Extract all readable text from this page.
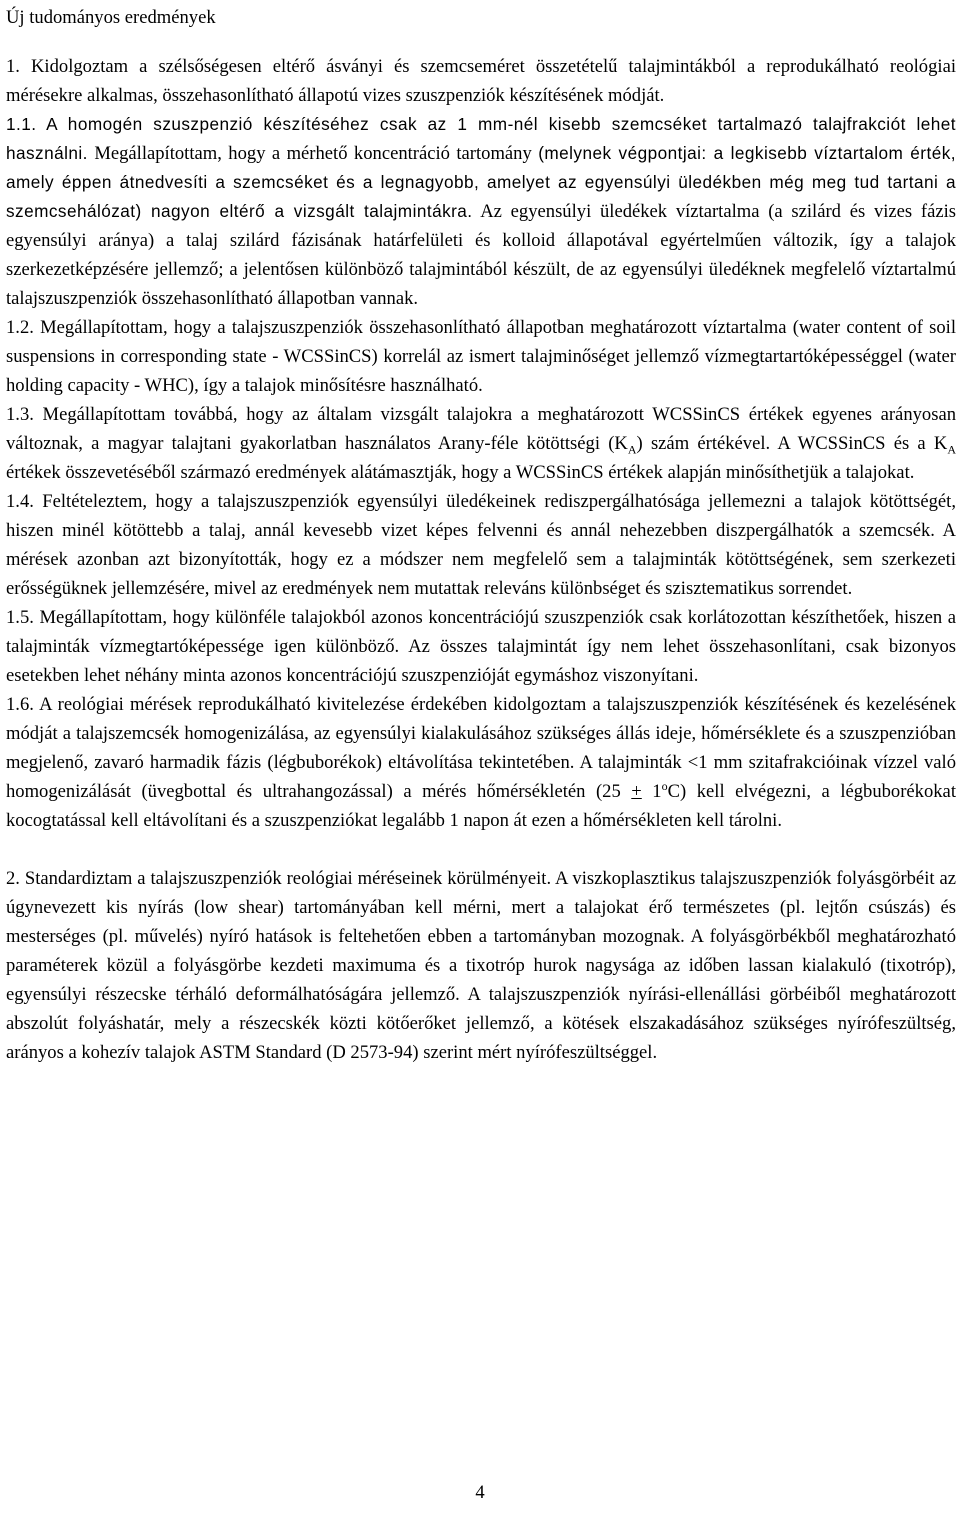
Új tudományos eredmények

1. Kidolgoztam a szélsőségesen eltérő ásványi és szemcseméret összetételű talajmintákból a reprodukálható reológiai mérésekre alkalmas, összehasonlítható állapotú vizes szuszpenziók készítésének módját.

1.1. A homogén szuszpenzió készítéséhez csak az 1 mm-nél kisebb szemcséket tartalmazó talajfrakciót lehet használni. Megállapítottam, hogy a mérhető koncentráció tartomány (melynek végpontjai: a legkisebb víztartalom érték, amely éppen átnedvesíti a szemcséket és a legnagyobb, amelyet az egyensúlyi üledékben még meg tud tartani a szemcsehálózat) nagyon eltérő a vizsgált talajmintákra. Az egyensúlyi üledékek víztartalma (a szilárd és vizes fázis egyensúlyi aránya) a talaj szilárd fázisának határfelületi és kolloid állapotával egyértelműen változik, így a talajok szerkezetképzésére jellemző; a jelentősen különböző talajmintából készült, de az egyensúlyi üledéknek megfelelő víztartalmú talajszuszpenziók összehasonlítható állapotban vannak.

1.2. Megállapítottam, hogy a talajszuszpenziók összehasonlítható állapotban meghatározott víztartalma (water content of soil suspensions in corresponding state - WCSSinCS) korrelál az ismert talajminőséget jellemző vízmegtartartóképességgel (water holding capacity - WHC), így a talajok minősítésre használható.

1.3. Megállapítottam továbbá, hogy az általam vizsgált talajokra a meghatározott WCSSinCS értékek egyenes arányosan változnak, a magyar talajtani gyakorlatban használatos Arany-féle kötöttségi $(K_A)$ szám értékével. A WCSSinCS és a $K_A$ értékek összevetéséből származó eredmények alátámasztják, hogy a WCSSinCS értékek alapján minősíthetjük a talajokat.

1.4. Feltételeztem, hogy a talajszuszpenziók egyensúlyi üledékeinek rediszpergálhatósága jellemezni a talajok kötöttségét, hiszen minél kötöttebb a talaj, annál kevesebb vizet képes felvenni és annál nehezebben diszpergálhatók a szemcsék. A mérések azonban azt bizonyították, hogy ez a módszer nem megfelelő sem a talajminták kötöttségének, sem szerkezeti erősségüknek jellemzésére, mivel az eredmények nem mutattak releváns különbséget és szisztematikus sorrendet.

1.5. Megállapítottam, hogy különféle talajokból azonos koncentrációjú szuszpenziók csak korlátozottan készíthetőek, hiszen a talajminták vízmegtartóképessége igen különböző. Az összes talajmintát így nem lehet összehasonlítani, csak bizonyos esetekben lehet néhány minta azonos koncentrációjú szuszpenzióját egymáshoz viszonyítani.

1.6. A reológiai mérések reprodukálható kivitelezése érdekében kidolgoztam a talajszuszpenziók készítésének és kezelésének módját a talajszemcsék homogenizálása, az egyensúlyi kialakulásához szükséges állás ideje, hőmérséklete és a szuszpenzióban megjelenő, zavaró harmadik fázis (légbuborékok) eltávolítása tekintetében. A talajminták <1 mm szitafrakcióinak vízzel való homogenizálását (üvegbottal és ultrahangozással) a mérés hőmérsékletén $(25 + 1^oC)$ kell elvégezni, a légbuborékokat kocogtatással kell eltávolítani és a szuszpenziókat legalább 1 napon át ezen a hőmérsékleten kell tárolni.

2. Standardiztam a talajszuszpenziók reológiai méréseinek körülményeit. A viszkoplasztikus talajszuszpenziók folyásgörbéit az úgynevezett kis nyírás (low shear) tartományában kell mérni, mert a talajokat érő természetes (pl. lejtőn csúszás) és mesterséges (pl. művelés) nyíró hatások is feltehetően ebben a tartományban mozognak. A folyásgörbékből meghatározható paraméterek közül a folyásgörbe kezdeti maximuma és a tixotróp hurok nagysága az időben lassan kialakuló (tixotróp), egyensúlyi részecske térháló deformálhatóságára jellemző. A talajszuszpenziók nyírási-ellenállási görbéiből meghatározott abszolút folyáshatár, mely a részecskék közti kötőerőket jellemző, a kötések elszakadásához szükséges nyírófeszültség, arányos a kohezív talajok ASTM Standard (D 2573-94) szerint mért nyírófeszültséggel.

4
